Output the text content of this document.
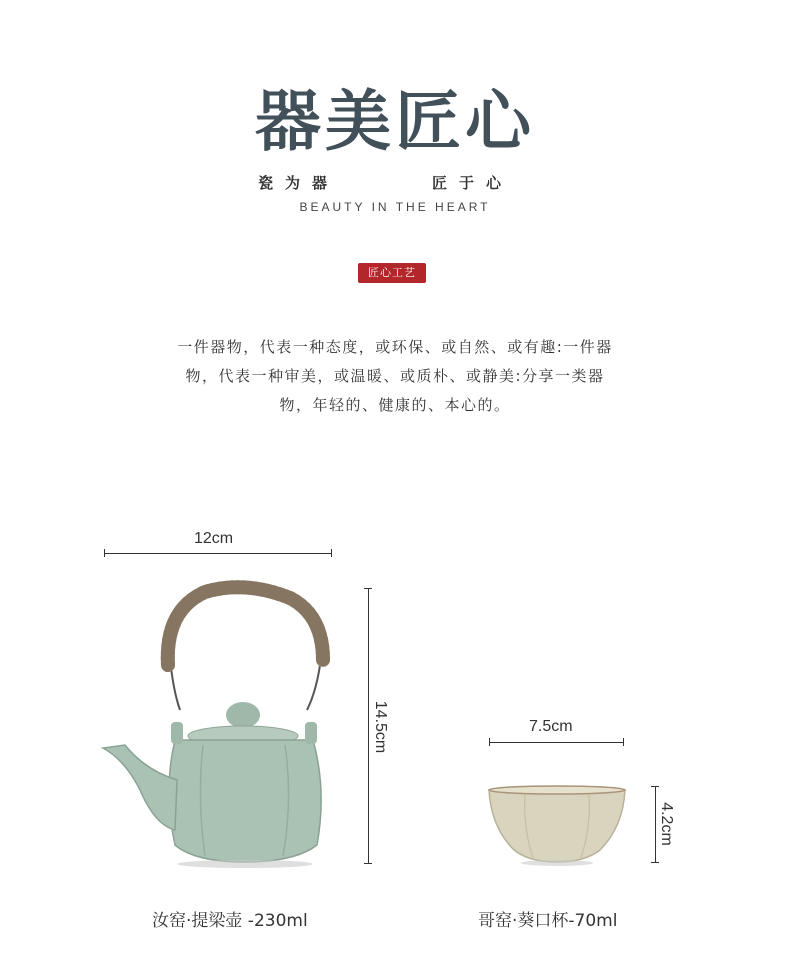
器美匠心
瓷为器	匠于心
BEAUTY IN THE HEART
匠心工艺
一件器物，代表一种态度，或环保、或自然、或有趣:一件器
物，代表一种审美，或温暖、或质朴、或静美:分享一类器
物，年轻的、健康的、本心的。
12cm
14.5cm	7.5cm
4.2cm
汝窑·提梁壶 -230ml	哥窑·葵口杯-70ml
